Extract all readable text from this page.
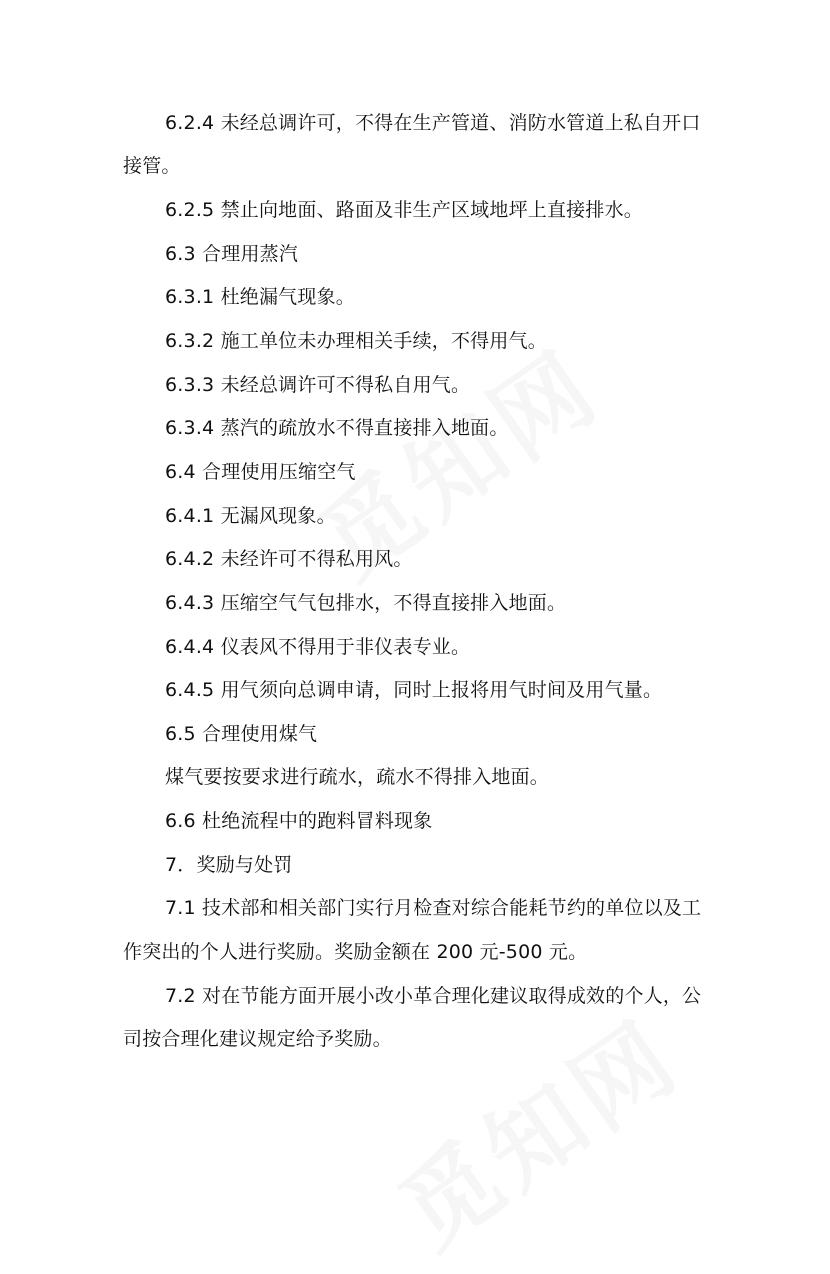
6.2.4 未经总调许可，不得在生产管道、消防水管道上私自开口
接管。
6.2.5 禁止向地面、路面及非生产区域地坪上直接排水。
6.3 合理用蒸汽
6.3.1 杜绝漏气现象。
6.3.2 施工单位未办理相关手续，不得用气。
6.3.3 未经总调许可不得私自用气。
6.3.4 蒸汽的疏放水不得直接排入地面。
6.4 合理使用压缩空气
6.4.1 无漏风现象。
6.4.2 未经许可不得私用风。
6.4.3 压缩空气气包排水，不得直接排入地面。
6.4.4 仪表风不得用于非仪表专业。
6.4.5 用气须向总调申请，同时上报将用气时间及用气量。
6.5 合理使用煤气
煤气要按要求进行疏水，疏水不得排入地面。
6.6 杜绝流程中的跑料冒料现象
7．奖励与处罚
7.1 技术部和相关部门实行月检查对综合能耗节约的单位以及工
作突出的个人进行奖励。奖励金额在 200 元-500 元。
7.2 对在节能方面开展小改小革合理化建议取得成效的个人，公
司按合理化建议规定给予奖励。
